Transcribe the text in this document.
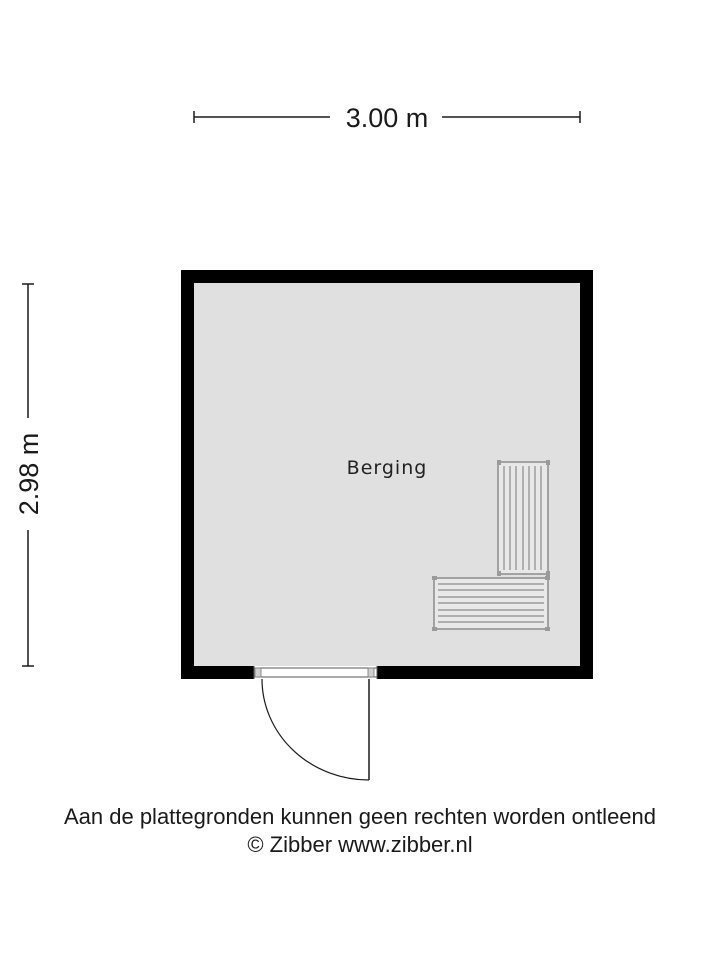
3.00 m
2.98 m	Berging
Aan de plattegronden kunnen geen rechten worden ontleend
© Zibber www.zibber.nl
